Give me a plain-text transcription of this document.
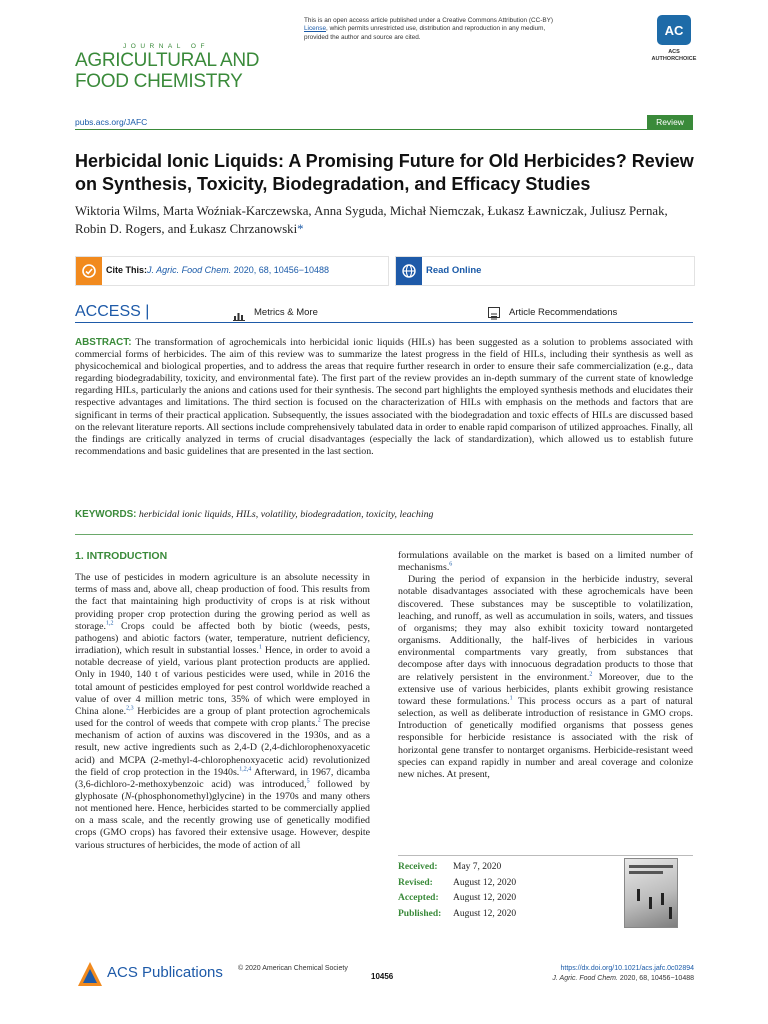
JOURNAL OF
AGRICULTURAL AND
FOOD CHEMISTRY
This is an open access article published under a Creative Commons Attribution (CC-BY)
License, which permits unrestricted use, distribution and reproduction in any medium,
provided the author and source are cited.	AC
ACS AUTHORCHOICE
pubs.acs.org/JAFC	Review
Herbicidal Ionic Liquids: A Promising Future for Old Herbicides? Review on Synthesis, Toxicity, Biodegradation, and Efficacy Studies
Wiktoria Wilms, Marta Woźniak-Karczewska, Anna Syguda, Michał Niemczak, Łukasz Ławniczak, Juliusz Pernak, Robin D. Rogers, and Łukasz Chrzanowski*
Cite This: J. Agric. Food Chem. 2020, 68, 10456−10488	Read Online
ACCESS |	Metrics & More	Article Recommendations
ABSTRACT: The transformation of agrochemicals into herbicidal ionic liquids (HILs) has been suggested as a solution to problems associated with commercial forms of herbicides. The aim of this review was to summarize the latest progress in the field of HILs, including their synthesis as well as physicochemical and biological properties, and to address the areas that require further research in order to ensure their safe commercialization (e.g., data regarding biodegradability, toxicity, and environmental fate). The first part of the review provides an in-depth summary of the current state of knowledge regarding HILs, particularly the anions and cations used for their synthesis. The second part highlights the employed synthesis methods and elucidates their respective advantages and limitations. The third section is focused on the characterization of HILs with emphasis on the methods and factors that are significant in terms of their practical application. Subsequently, the issues associated with the biodegradation and toxic effects of HILs are discussed based on the relevant literature reports. All sections include comprehensively tabulated data in order to enable rapid comparison of utilized approaches. Finally, all the findings are critically analyzed in terms of crucial disadvantages (especially the lack of standardization), which allowed us to establish future recommendations and basic guidelines that are presented in the last section.
KEYWORDS: herbicidal ionic liquids, HILs, volatility, biodegradation, toxicity, leaching
1. INTRODUCTION

The use of pesticides in modern agriculture is an absolute necessity in terms of mass and, above all, cheap production of food. This results from the fact that maintaining high productivity of crops is at risk without providing proper crop protection during the growing period as well as storage.$^{1,2}$ Crops could be affected both by biotic (weeds, pests, pathogens) and abiotic factors (water, temperature, nutrient deficiency, irradiation), which result in substantial losses.$^1$ Hence, in order to avoid a notable decrease of yield, various plant protection products are applied. Only in 1940, 140 t of various pesticides were used, while in 2016 the total amount of pesticides employed for pest control worldwide reached a value of over 4 million metric tons, 35% of which were employed in China alone.$^{2,3}$ Herbicides are a group of plant protection agrochemicals used for the control of weeds that compete with crop plants.$^2$ The precise mechanism of action of auxins was discovered in the 1930s, and as a result, new active ingredients such as 2,4-D (2,4-dichlorophenoxyacetic acid) and MCPA (2-methyl-4-chlorophenoxyacetic acid) revolutionized the field of crop protection in the 1940s.$^{1,2,4}$ Afterward, in 1967, dicamba (3,6-dichloro-2-methoxybenzoic acid) was introduced,$^5$ followed by glyphosate (N-(phosphonomethyl)glycine) in the 1970s and many others not mentioned here. Hence, herbicides started to be commercially applied on a mass scale, and the recently growing use of genetically modified crops (GMO crops) has favored their extensive usage. However, despite various structures of herbicides, the mode of action of all

formulations available on the market is based on a limited number of mechanisms.$^6$

During the period of expansion in the herbicide industry, several notable disadvantages associated with these agrochemicals have been discovered. These substances may be susceptible to volatilization, leaching, and runoff, as well as accumulation in soils, waters, and tissues of organisms; they may also exhibit toxicity toward nontargeted organisms. Additionally, the half-lives of herbicides in various environmental compartments vary greatly, from substances that decompose after days with innocuous degradation products to those that are relatively persistent in the environment.$^2$ Moreover, due to the extensive use of various herbicides, plants exhibit growing resistance toward these formulations.$^1$ This process occurs as a part of natural selection, as well as deliberate introduction of resistance in GMO crops. Introduction of genetically modified organisms that possess genes responsible for herbicide resistance is associated with the risk of horizontal gene transfer to nontarget organisms. Herbicide-resistant weed species can expand rapidly in number and areal coverage and colonize new niches. At present,

Received:	May 7, 2020
Revised:	August 12, 2020
Accepted:	August 12, 2020
Published:	August 12, 2020
ACS Publications © 2020 American Chemical Society
10456
https://dx.doi.org/10.1021/acs.jafc.0c02894
J. Agric. Food Chem. 2020, 68, 10456−10488
